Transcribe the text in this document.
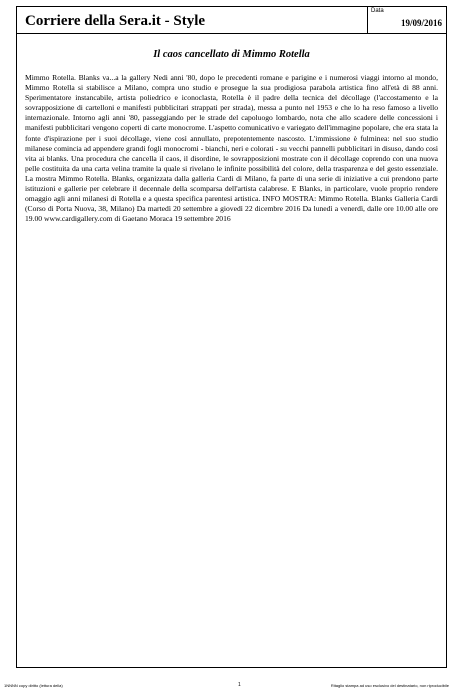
Corriere della Sera.it - Style
Data
19/09/2016
Il caos cancellato di Mimmo Rotella

Mimmo Rotella. Blanks va...a la gallery Nedi anni '80, dopo le precedenti romane e parigine e i numerosi viaggi intorno al mondo, Mimmo Rotella si stabilisce a Milano, compra uno studio e prosegue la sua prodigiosa parabola artistica fino all'età di 88 anni. Sperimentatore instancabile, artista poliedrico e iconoclasta, Rotella è il padre della tecnica del décollage (l'accostamento e la sovrapposizione di cartelloni e manifesti pubblicitari strappati per strada), messa a punto nel 1953 e che lo ha reso famoso a livello internazionale. Intorno agli anni '80, passeggiando per le strade del capoluogo lombardo, nota che allo scadere delle concessioni i manifesti pubblicitari vengono coperti di carte monocrome. L'aspetto comunicativo e variegato dell'immagine popolare, che era stata la fonte d'ispirazione per i suoi décollage, viene così annullato, prepotentemente nascosto. L'immissione è fulminea: nel suo studio milanese comincia ad appendere grandi fogli monocromi - bianchi, neri e colorati - su vecchi pannelli pubblicitari in disuso, dando così vita ai blanks. Una procedura che cancella il caos, il disordine, le sovrapposizioni mostrate con il décollage coprendo con una nuova pelle costituita da una carta velina tramite la quale si rivelano le infinite possibilità del colore, della trasparenza e del gesto essenziale. La mostra Mimmo Rotella. Blanks, organizzata dalla galleria Cardi di Milano, fa parte di una serie di iniziative a cui prendono parte istituzioni e gallerie per celebrare il decennale della scomparsa dell'artista calabrese. E Blanks, in particolare, vuole proprio rendere omaggio agli anni milanesi di Rotella e a questa specifica parentesi artistica. INFO MOSTRA: Mimmo Rotella. Blanks Galleria Cardi (Corso di Porta Nuova, 38, Milano) Da martedì 20 settembre a giovedì 22 dicembre 2016 Da lunedì a venerdì, dalle ore 10.00 alle ore 19.00 www.cardigallery.com di Gaetano Moraca 19 settembre 2016

1NNNN copy diritto (lettura della)	1	Ritaglio stampa ad uso esclusivo del destinatario, non riproducibile
